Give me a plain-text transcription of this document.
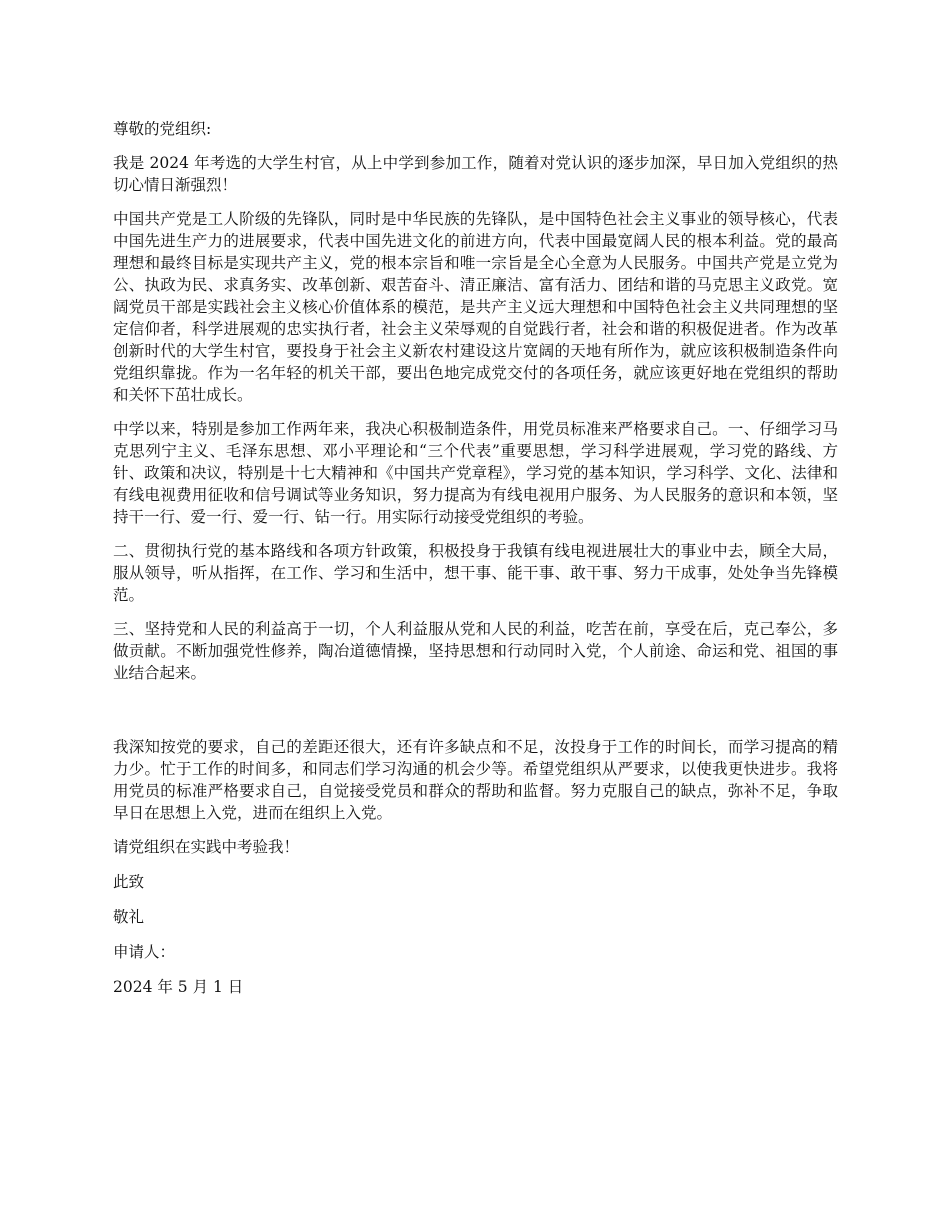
尊敬的党组织:

我是 2024 年考选的大学生村官，从上中学到参加工作，随着对党认识的逐步加深，早日加入党组织的热切心情日渐强烈！

中国共产党是工人阶级的先锋队，同时是中华民族的先锋队，是中国特色社会主义事业的领导核心，代表中国先进生产力的进展要求，代表中国先进文化的前进方向，代表中国最宽阔人民的根本利益。党的最高理想和最终目标是实现共产主义，党的根本宗旨和唯一宗旨是全心全意为人民服务。中国共产党是立党为公、执政为民、求真务实、改革创新、艰苦奋斗、清正廉洁、富有活力、团结和谐的马克思主义政党。宽阔党员干部是实践社会主义核心价值体系的模范，是共产主义远大理想和中国特色社会主义共同理想的坚定信仰者，科学进展观的忠实执行者，社会主义荣辱观的自觉践行者，社会和谐的积极促进者。作为改革创新时代的大学生村官，要投身于社会主义新农村建设这片宽阔的天地有所作为，就应该积极制造条件向党组织靠拢。作为一名年轻的机关干部，要出色地完成党交付的各项任务，就应该更好地在党组织的帮助和关怀下茁壮成长。

中学以来，特别是参加工作两年来，我决心积极制造条件，用党员标准来严格要求自己。一、仔细学习马克思列宁主义、毛泽东思想、邓小平理论和“三个代表”重要思想，学习科学进展观，学习党的路线、方针、政策和决议，特别是十七大精神和《中国共产党章程》，学习党的基本知识，学习科学、文化、法律和有线电视费用征收和信号调试等业务知识，努力提高为有线电视用户服务、为人民服务的意识和本领，坚持干一行、爱一行、爱一行、钻一行。用实际行动接受党组织的考验。

二、贯彻执行党的基本路线和各项方针政策，积极投身于我镇有线电视进展壮大的事业中去，顾全大局，服从领导，听从指挥，在工作、学习和生活中，想干事、能干事、敢干事、努力干成事，处处争当先锋模范。

三、坚持党和人民的利益高于一切，个人利益服从党和人民的利益，吃苦在前，享受在后，克己奉公，多做贡献。不断加强党性修养，陶冶道德情操，坚持思想和行动同时入党，个人前途、命运和党、祖国的事业结合起来。

我深知按党的要求，自己的差距还很大，还有许多缺点和不足，汝投身于工作的时间长，而学习提高的精力少。忙于工作的时间多，和同志们学习沟通的机会少等。希望党组织从严要求，以使我更快进步。我将用党员的标准严格要求自己，自觉接受党员和群众的帮助和监督。努力克服自己的缺点，弥补不足，争取早日在思想上入党，进而在组织上入党。

请党组织在实践中考验我！

此致

敬礼

申请人：

2024 年 5 月 1 日
